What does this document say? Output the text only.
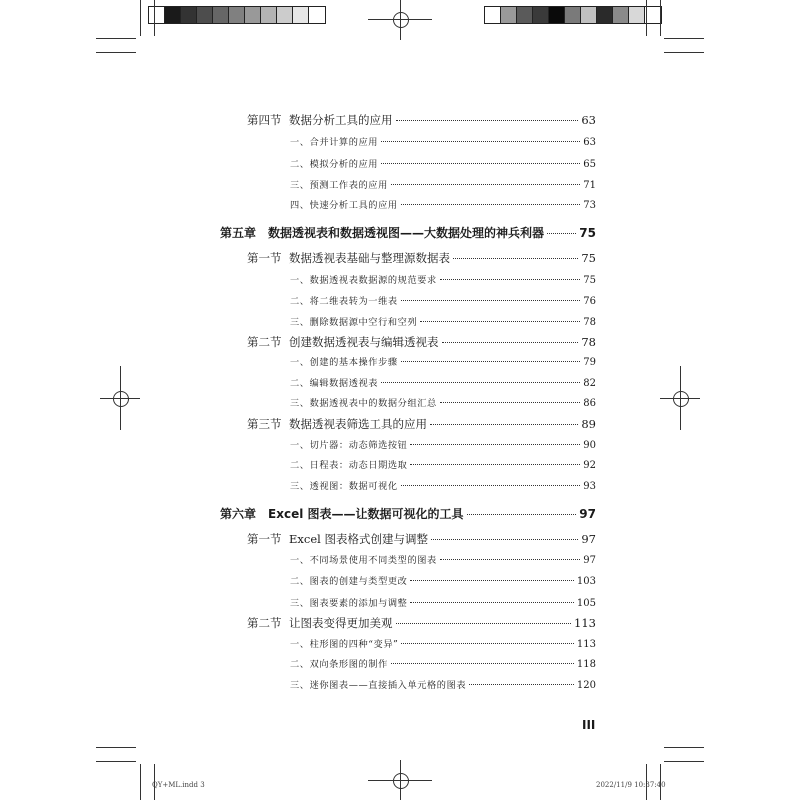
第四节 数据分析工具的应用	63
一、合并计算的应用	63
二、模拟分析的应用	65
三、预测工作表的应用	71
四、快速分析工具的应用	73
第五章 数据透视表和数据透视图——大数据处理的神兵利器	75
第一节 数据透视表基础与整理源数据表	75
一、数据透视表数据源的规范要求	75
二、将二维表转为一维表	76
三、删除数据源中空行和空列	78
第二节 创建数据透视表与编辑透视表	78
一、创建的基本操作步骤	79
二、编辑数据透视表	82
三、数据透视表中的数据分组汇总	86
第三节 数据透视表筛选工具的应用	89
一、切片器：动态筛选按钮	90
二、日程表：动态日期选取	92
三、透视图：数据可视化	93
第六章 Excel 图表——让数据可视化的工具	97
第一节 Excel 图表格式创建与调整	97
一、不同场景使用不同类型的图表	97
二、图表的创建与类型更改	103
三、图表要素的添加与调整	105
第二节 让图表变得更加美观	113
一、柱形图的四种“变异”	113
二、双向条形图的制作	118
三、迷你图表——直接插入单元格的图表	120
III
QY+ML.indd 3	2022/11/9 10:37:40
